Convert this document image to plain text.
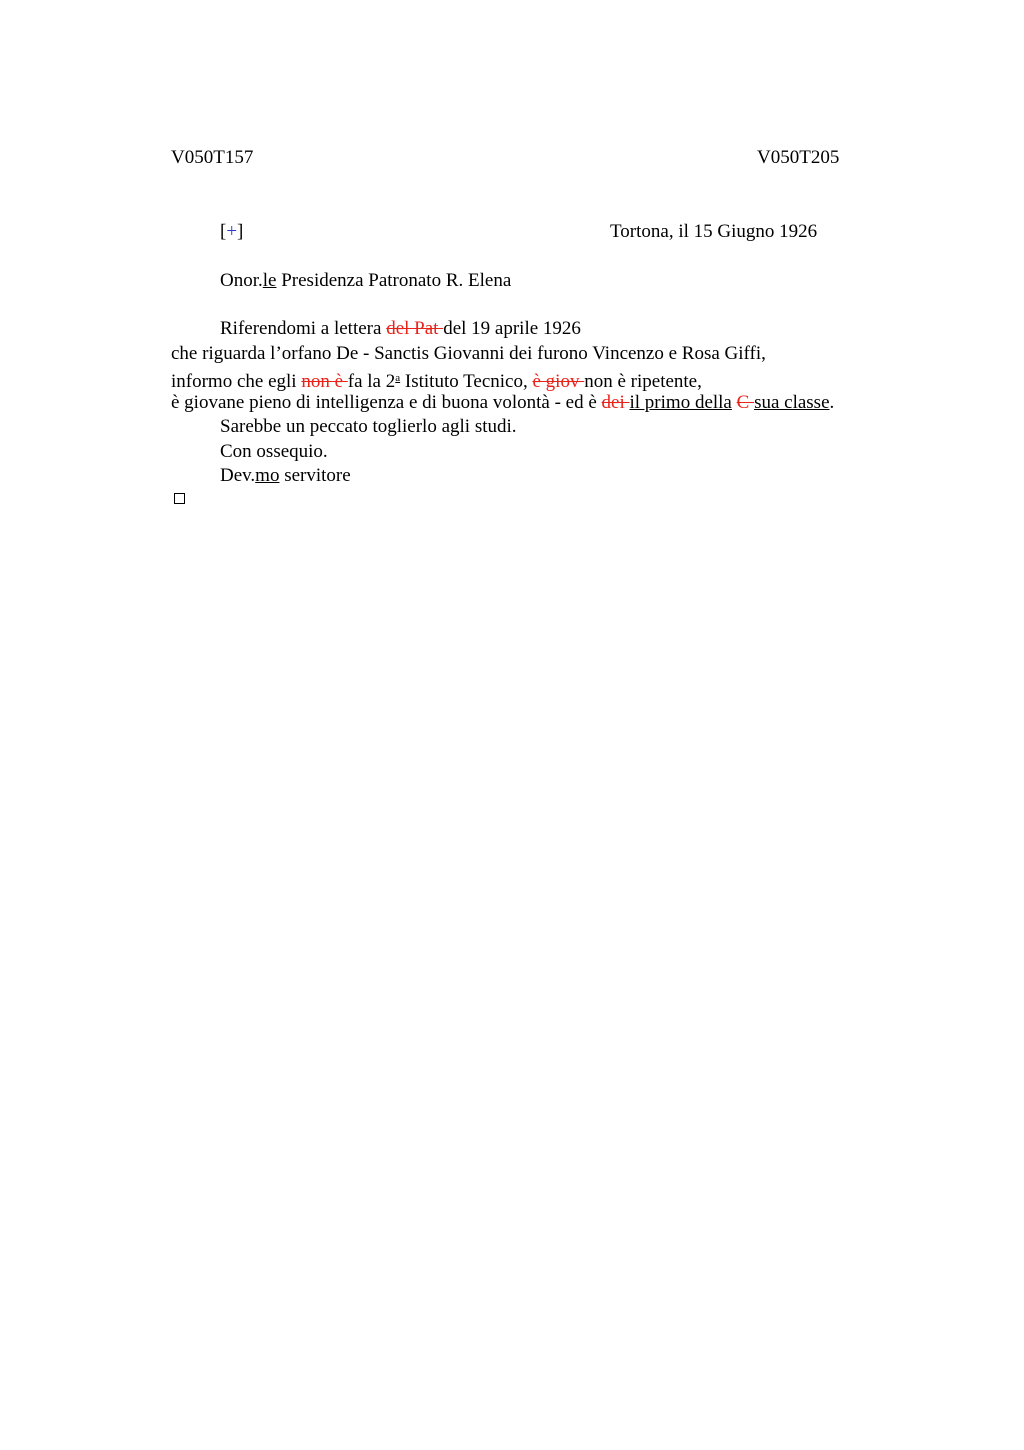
V050T157	V050T205
[+]	Tortona, il 15 Giugno 1926
Onor.le Presidenza Patronato R. Elena
Riferendomi a lettera del Pat del 19 aprile 1926
che riguarda l’orfano De - Sanctis Giovanni dei furono Vincenzo e Rosa Giffi,
informo che egli non è fa la 2$^a$ Istituto Tecnico, è giov non è ripetente,
è giovane pieno di intelligenza e di buona volontà - ed è dei il primo della C sua classe.
Sarebbe un peccato toglierlo agli studi.
Con ossequio.
Dev.mo servitore
